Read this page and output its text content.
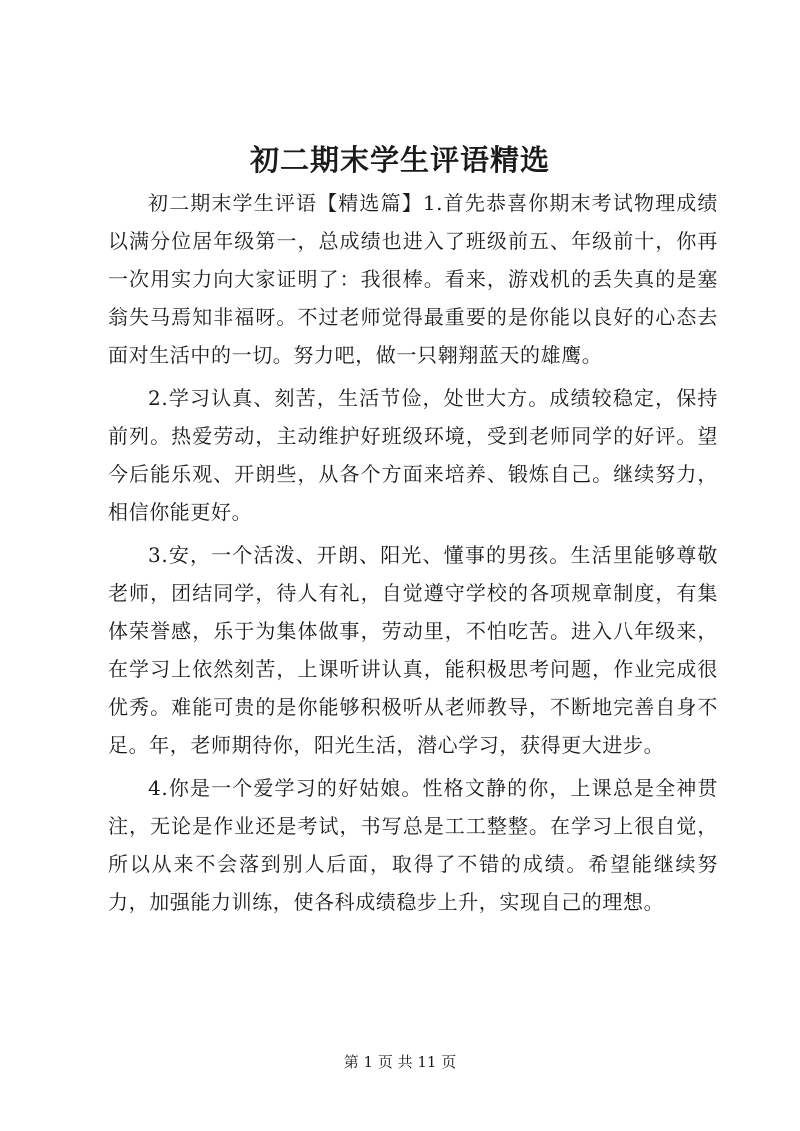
初二期末学生评语精选

初二期末学生评语【精选篇】1.首先恭喜你期末考试物理成绩以满分位居年级第一，总成绩也进入了班级前五、年级前十，你再一次用实力向大家证明了：我很棒。看来，游戏机的丢失真的是塞翁失马焉知非福呀。不过老师觉得最重要的是你能以良好的心态去面对生活中的一切。努力吧，做一只翱翔蓝天的雄鹰。

2.学习认真、刻苦，生活节俭，处世大方。成绩较稳定，保持前列。热爱劳动，主动维护好班级环境，受到老师同学的好评。望今后能乐观、开朗些，从各个方面来培养、锻炼自己。继续努力，相信你能更好。

3.安，一个活泼、开朗、阳光、懂事的男孩。生活里能够尊敬老师，团结同学，待人有礼，自觉遵守学校的各项规章制度，有集体荣誉感，乐于为集体做事，劳动里，不怕吃苦。进入八年级来，在学习上依然刻苦，上课听讲认真，能积极思考问题，作业完成很优秀。难能可贵的是你能够积极听从老师教导，不断地完善自身不足。年，老师期待你，阳光生活，潜心学习，获得更大进步。

4.你是一个爱学习的好姑娘。性格文静的你，上课总是全神贯注，无论是作业还是考试，书写总是工工整整。在学习上很自觉，所以从来不会落到别人后面，取得了不错的成绩。希望能继续努力，加强能力训练，使各科成绩稳步上升，实现自己的理想。

第 1 页 共 11 页
